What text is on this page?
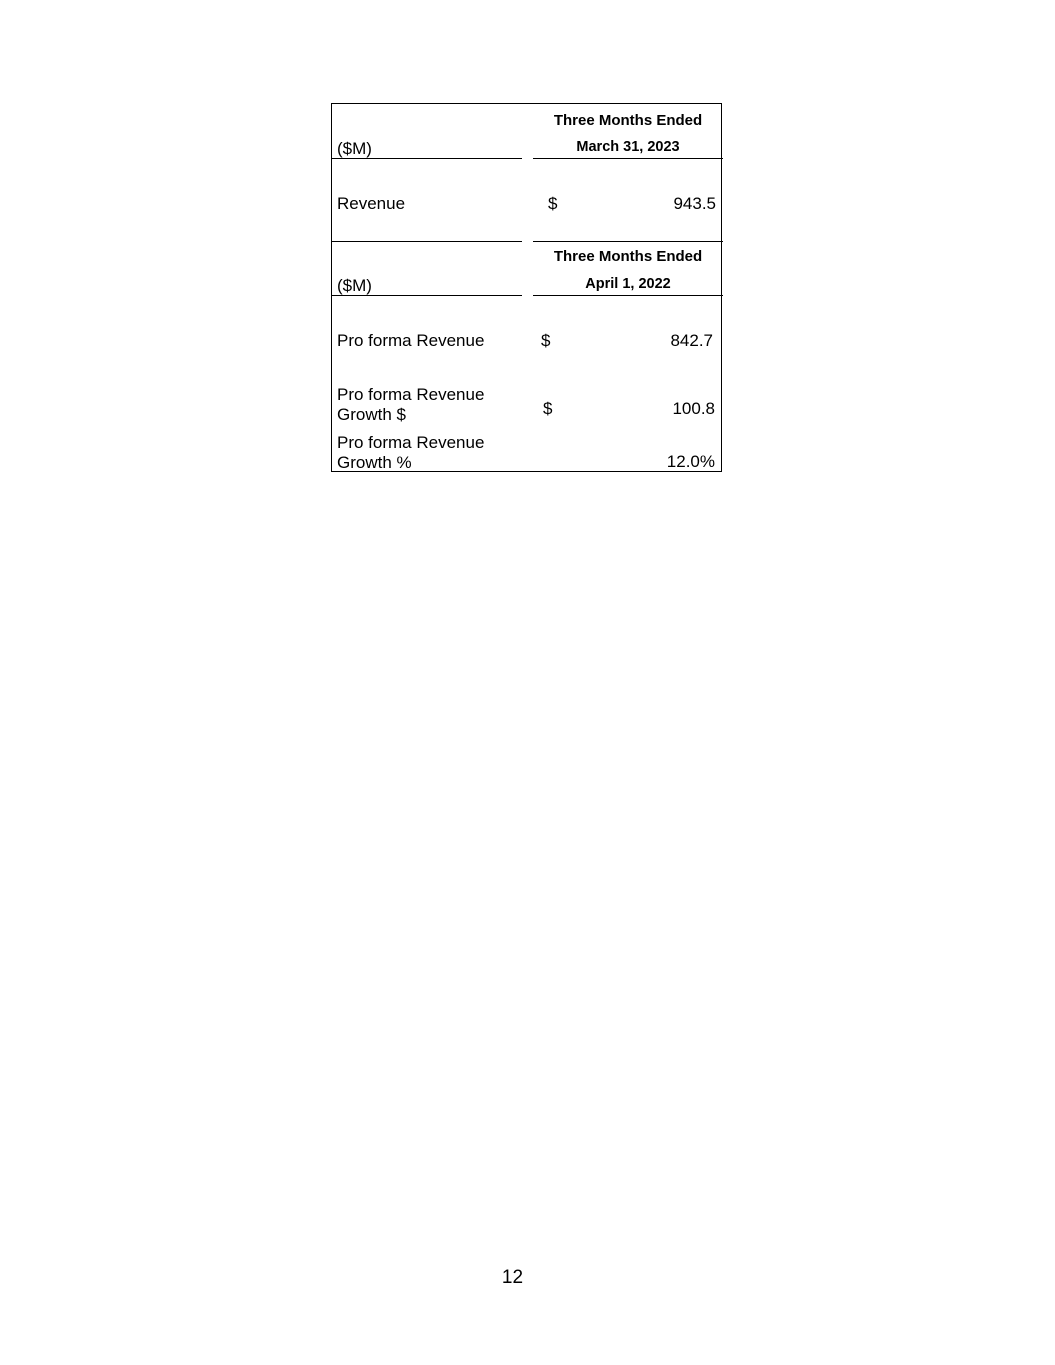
Three Months Ended
($M)	March 31, 2023
Revenue	$	943.5
Three Months Ended
($M)	April 1, 2022
Pro forma Revenue	$	842.7
Pro forma Revenue Growth $	$	100.8
Pro forma Revenue Growth %	12.0%
12
